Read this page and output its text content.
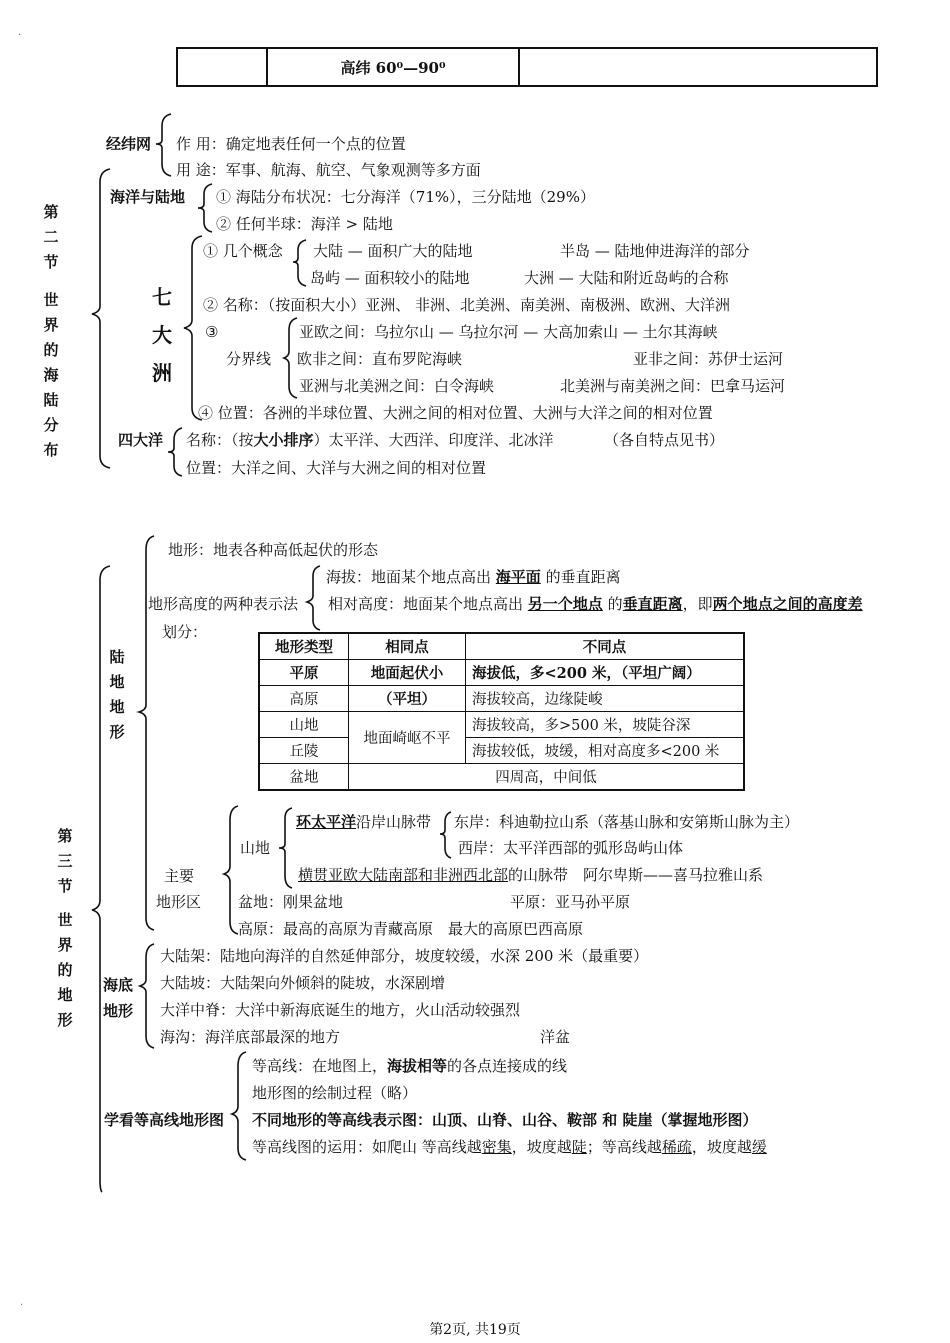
·
·
	高纬 60⁰—90⁰	
经纬网 作 用：确定地表任何一个点的位置
用 途：军事、航海、航空、气象观测等多方面
第二节
世界的海陆分布
海洋与陆地 ① 海陆分布状况：七分海洋（71%），三分陆地（29%）
② 任何半球：海洋 > 陆地
七大洲
① 几个概念 大陆 — 面积广大的陆地	半岛 — 陆地伸进海洋的部分
岛屿 — 面积较小的陆地	大洲 — 大陆和附近岛屿的合称
② 名称：（按面积大小）亚洲、 非洲、北美洲、南美洲、南极洲、欧洲、大洋洲
③
分界线
亚欧之间：乌拉尔山 — 乌拉尔河 — 大高加索山 — 土尔其海峡
欧非之间：直布罗陀海峡	亚非之间：苏伊士运河
亚洲与北美洲之间：白令海峡	北美洲与南美洲之间：巴拿马运河
④ 位置：各洲的半球位置、大洲之间的相对位置、大洲与大洋之间的相对位置
四大洋 名称：（按大小排序）太平洋、大西洋、印度洋、北冰洋	（各自特点见书）
位置：大洋之间、大洋与大洲之间的相对位置
第三节
世界的地形
陆地地形
地形：地表各种高低起伏的形态
地形高度的两种表示法
海拔：地面某个地点高出 海平面 的垂直距离
相对高度：地面某个地点高出 另一个地点 的垂直距离，即两个地点之间的高度差
划分：
地形类型	相同点	不同点
平原	地面起伏小	海拔低，多<200 米，（平坦广阔）
高原	（平坦）	海拔较高，边缘陡峻
山地	地面崎岖不平	海拔较高，多>500 米，坡陡谷深
丘陵		海拔较低，坡缓，相对高度多<200 米
盆地	四周高，中间低	
主要
地形区
山地
环太平洋沿岸山脉带 东岸：科迪勒拉山系（落基山脉和安第斯山脉为主）
西岸：太平洋西部的弧形岛屿山体
横贯亚欧大陆南部和非洲西北部的山脉带　阿尔卑斯——喜马拉雅山系
盆地：刚果盆地	平原：亚马孙平原
高原：最高的高原为青藏高原　最大的高原巴西高原
海底地形
大陆架：陆地向海洋的自然延伸部分，坡度较缓，水深 200 米（最重要）
大陆坡：大陆架向外倾斜的陡坡，水深剧增
大洋中脊：大洋中新海底诞生的地方，火山活动较强烈
海沟：海洋底部最深的地方	洋盆
学看等高线地形图
等高线：在地图上，海拔相等的各点连接成的线
地形图的绘制过程（略）
不同地形的等高线表示图：山顶、山脊、山谷、鞍部 和 陡崖（掌握地形图）
等高线图的运用：如爬山 等高线越密集，坡度越陡；等高线越稀疏，坡度越缓
第2页, 共19页
